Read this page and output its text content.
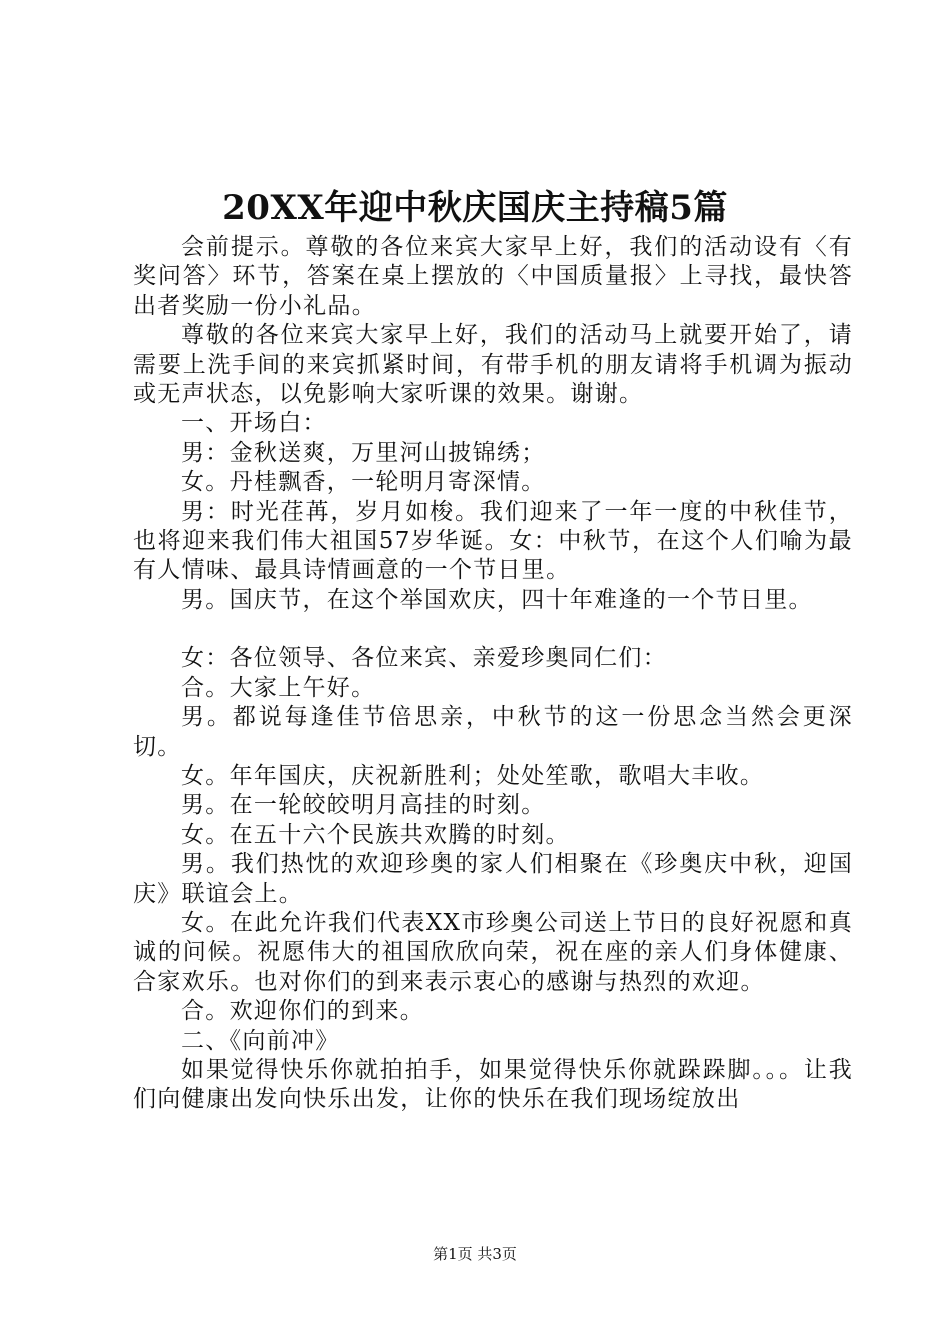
20XX年迎中秋庆国庆主持稿5篇

会前提示。尊敬的各位来宾大家早上好，我们的活动设有〈有奖问答〉环节，答案在桌上摆放的〈中国质量报〉上寻找，最快答出者奖励一份小礼品。

尊敬的各位来宾大家早上好，我们的活动马上就要开始了，请需要上洗手间的来宾抓紧时间，有带手机的朋友请将手机调为振动或无声状态，以免影响大家听课的效果。谢谢。

一、开场白：

男：金秋送爽，万里河山披锦绣；

女。丹桂飘香，一轮明月寄深情。

男：时光荏苒，岁月如梭。我们迎来了一年一度的中秋佳节，也将迎来我们伟大祖国57岁华诞。女：中秋节，在这个人们喻为最有人情味、最具诗情画意的一个节日里。

男。国庆节，在这个举国欢庆，四十年难逢的一个节日里。

女：各位领导、各位来宾、亲爱珍奥同仁们：

合。大家上午好。

男。都说每逢佳节倍思亲，中秋节的这一份思念当然会更深切。

女。年年国庆，庆祝新胜利；处处笙歌，歌唱大丰收。

男。在一轮皎皎明月高挂的时刻。

女。在五十六个民族共欢腾的时刻。

男。我们热忱的欢迎珍奥的家人们相聚在《珍奥庆中秋，迎国庆》联谊会上。

女。在此允许我们代表XX市珍奥公司送上节日的良好祝愿和真诚的问候。祝愿伟大的祖国欣欣向荣，祝在座的亲人们身体健康、合家欢乐。也对你们的到来表示衷心的感谢与热烈的欢迎。

合。欢迎你们的到来。

二、《向前冲》

如果觉得快乐你就拍拍手，如果觉得快乐你就跺跺脚。。。让我们向健康出发向快乐出发，让你的快乐在我们现场绽放出

第1页 共3页
